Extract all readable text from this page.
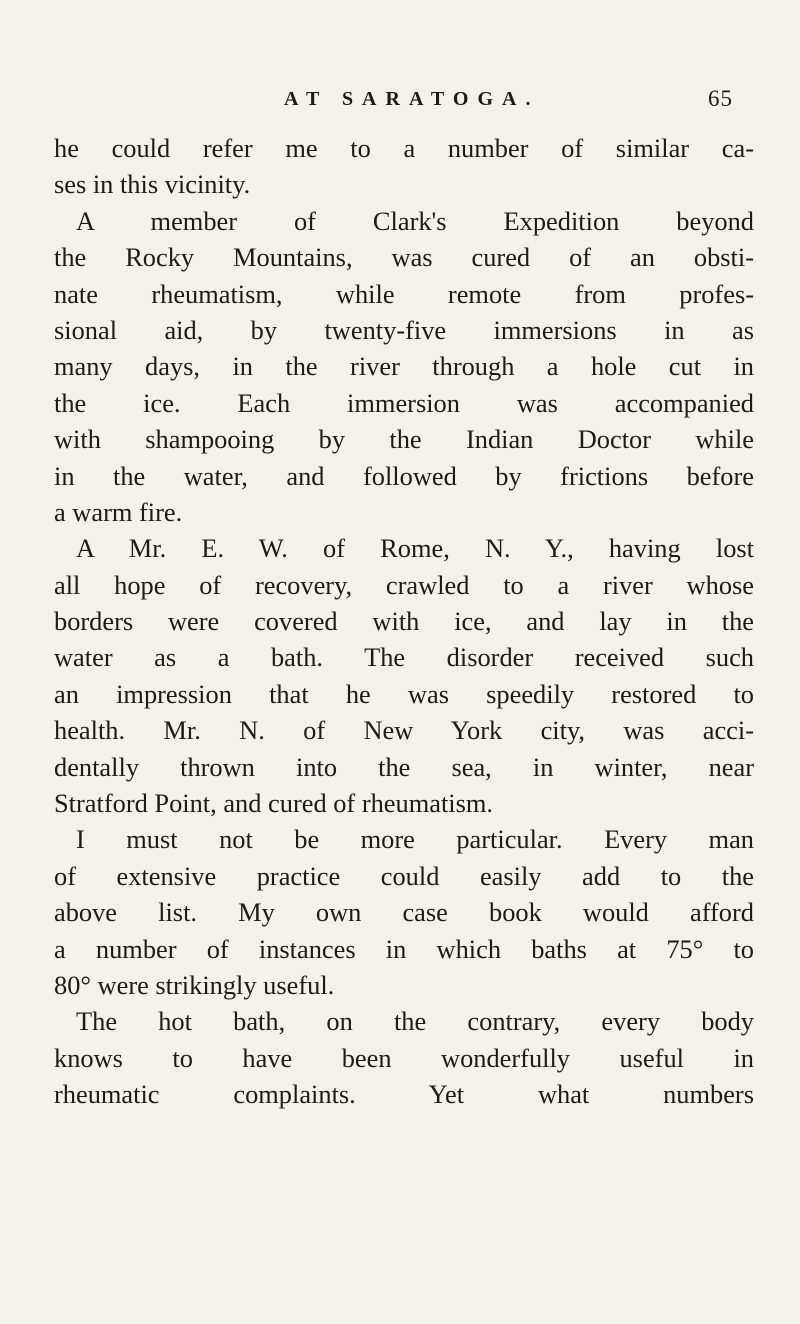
AT SARATOGA.	65
he could refer me to a number of similar ca-
ses in this vicinity.
A member of Clark's Expedition beyond
the Rocky Mountains, was cured of an obsti-
nate rheumatism, while remote from profes-
sional aid, by twenty-five immersions in as
many days, in the river through a hole cut in
the ice. Each immersion was accompanied
with shampooing by the Indian Doctor while
in the water, and followed by frictions before
a warm fire.
A Mr. E. W. of Rome, N. Y., having lost
all hope of recovery, crawled to a river whose
borders were covered with ice, and lay in the
water as a bath. The disorder received such
an impression that he was speedily restored to
health. Mr. N. of New York city, was acci-
dentally thrown into the sea, in winter, near
Stratford Point, and cured of rheumatism.
I must not be more particular. Every man
of extensive practice could easily add to the
above list. My own case book would afford
a number of instances in which baths at 75° to
80° were strikingly useful.
The hot bath, on the contrary, every body
knows to have been wonderfully useful in
rheumatic complaints. Yet what numbers
